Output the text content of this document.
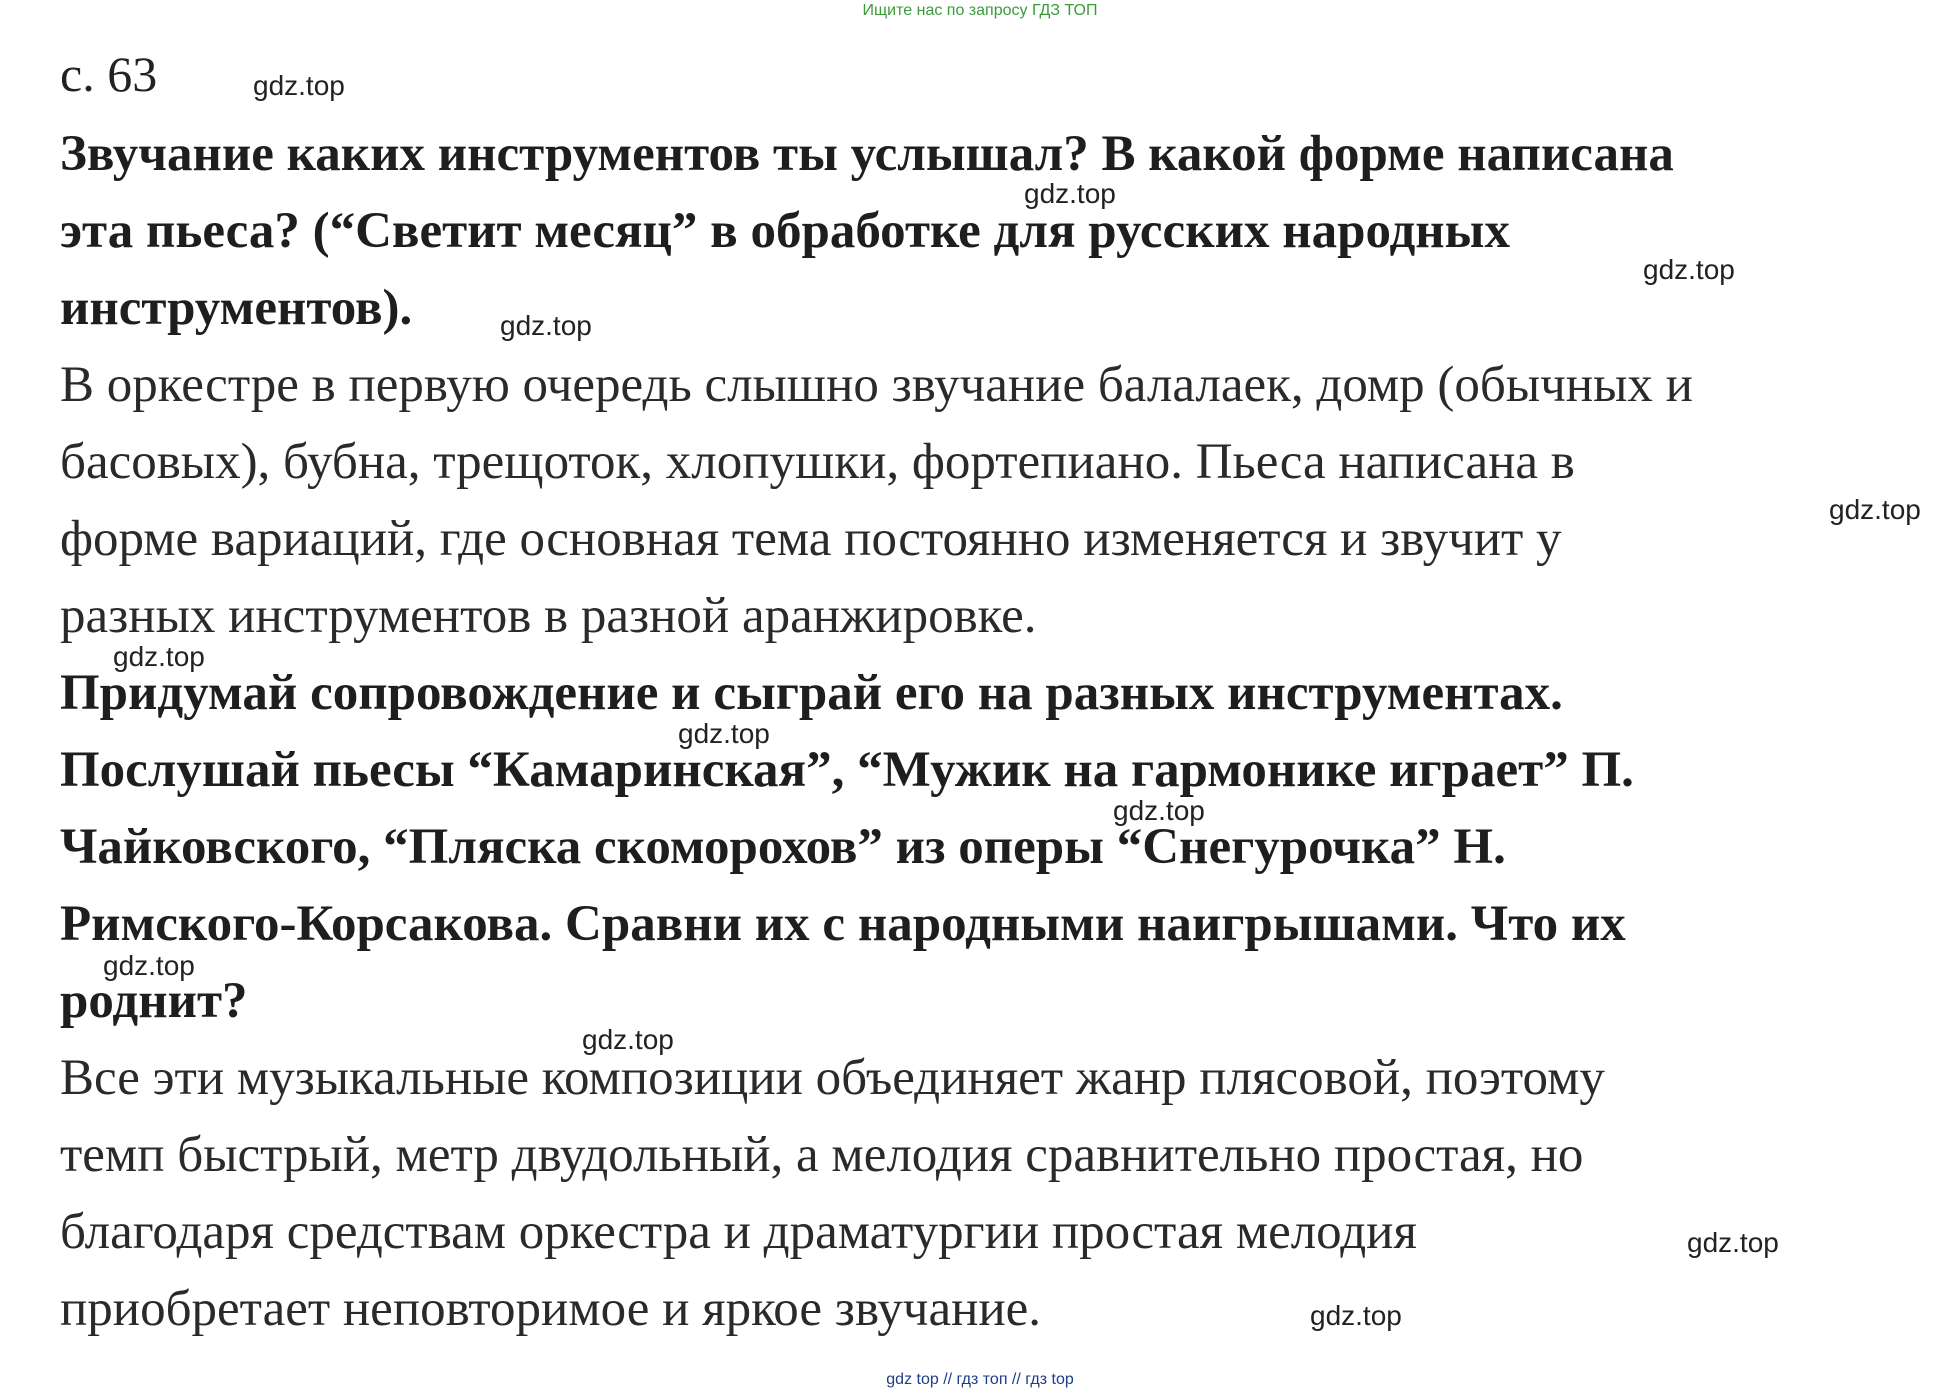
Ищите нас по запросу ГДЗ ТОП
с. 63
Звучание каких инструментов ты услышал? В какой форме написана
эта пьеса? (“Светит месяц” в обработке для русских народных
инструментов).
В оркестре в первую очередь слышно звучание балалаек, домр (обычных и
басовых), бубна, трещоток, хлопушки, фортепиано. Пьеса написана в
форме вариаций, где основная тема постоянно изменяется и звучит у
разных инструментов в разной аранжировке.
Придумай сопровождение и сыграй его на разных инструментах.
Послушай пьесы “Камаринская”, “Мужик на гармонике играет” П.
Чайковского, “Пляска скоморохов” из оперы “Снегурочка” Н.
Римского-Корсакова. Сравни их с народными наигрышами. Что их
роднит?
Все эти музыкальные композиции объединяет жанр плясовой, поэтому
темп быстрый, метр двудольный, а мелодия сравнительно простая, но
благодаря средствам оркестра и драматургии простая мелодия
приобретает неповторимое и яркое звучание.
gdz.top
gdz.top
gdz.top
gdz.top
gdz.top
gdz.top
gdz.top
gdz.top
gdz.top
gdz.top
gdz.top
gdz.top
gdz top // гдз топ // гдз top
